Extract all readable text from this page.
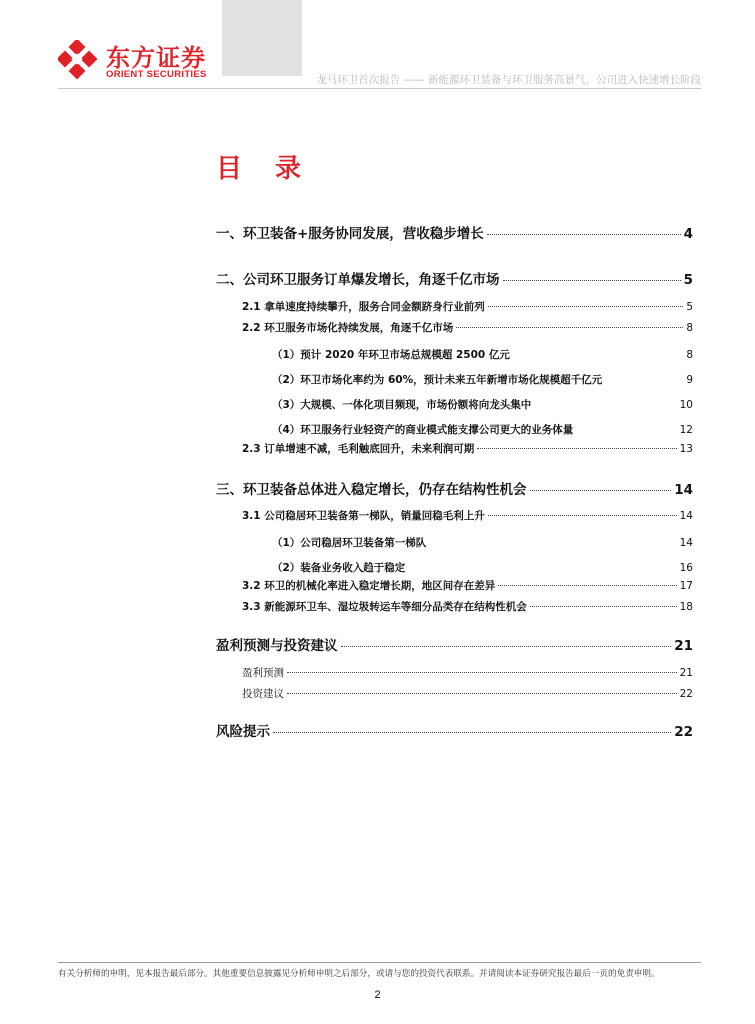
东方证券
ORIENT SECURITIES	龙马环卫首次报告 —— 新能源环卫装备与环卫服务高景气，公司进入快速增长阶段
目 录
一、环卫装备+服务协同发展，营收稳步增长	4
二、公司环卫服务订单爆发增长，角逐千亿市场	5
2.1 拿单速度持续攀升，服务合同金额跻身行业前列	5
2.2 环卫服务市场化持续发展，角逐千亿市场	8
（1）预计 2020 年环卫市场总规模超 2500 亿元	8
（2）环卫市场化率约为 60%，预计未来五年新增市场化规模超千亿元	9
（3）大规模、一体化项目频现，市场份额将向龙头集中	10
（4）环卫服务行业轻资产的商业模式能支撑公司更大的业务体量	12
2.3 订单增速不减，毛利触底回升，未来利润可期	13
三、环卫装备总体进入稳定增长，仍存在结构性机会	14
3.1 公司稳居环卫装备第一梯队，销量回稳毛利上升	14
（1）公司稳居环卫装备第一梯队	14
（2）装备业务收入趋于稳定	16
3.2 环卫的机械化率进入稳定增长期，地区间存在差异	17
3.3 新能源环卫车、湿垃圾转运车等细分品类存在结构性机会	18
盈利预测与投资建议	21
盈利预测	21
投资建议	22
风险提示	22
有关分析师的申明，见本报告最后部分。其他重要信息披露见分析师申明之后部分，或请与您的投资代表联系。并请阅读本证券研究报告最后一页的免责申明。
2
